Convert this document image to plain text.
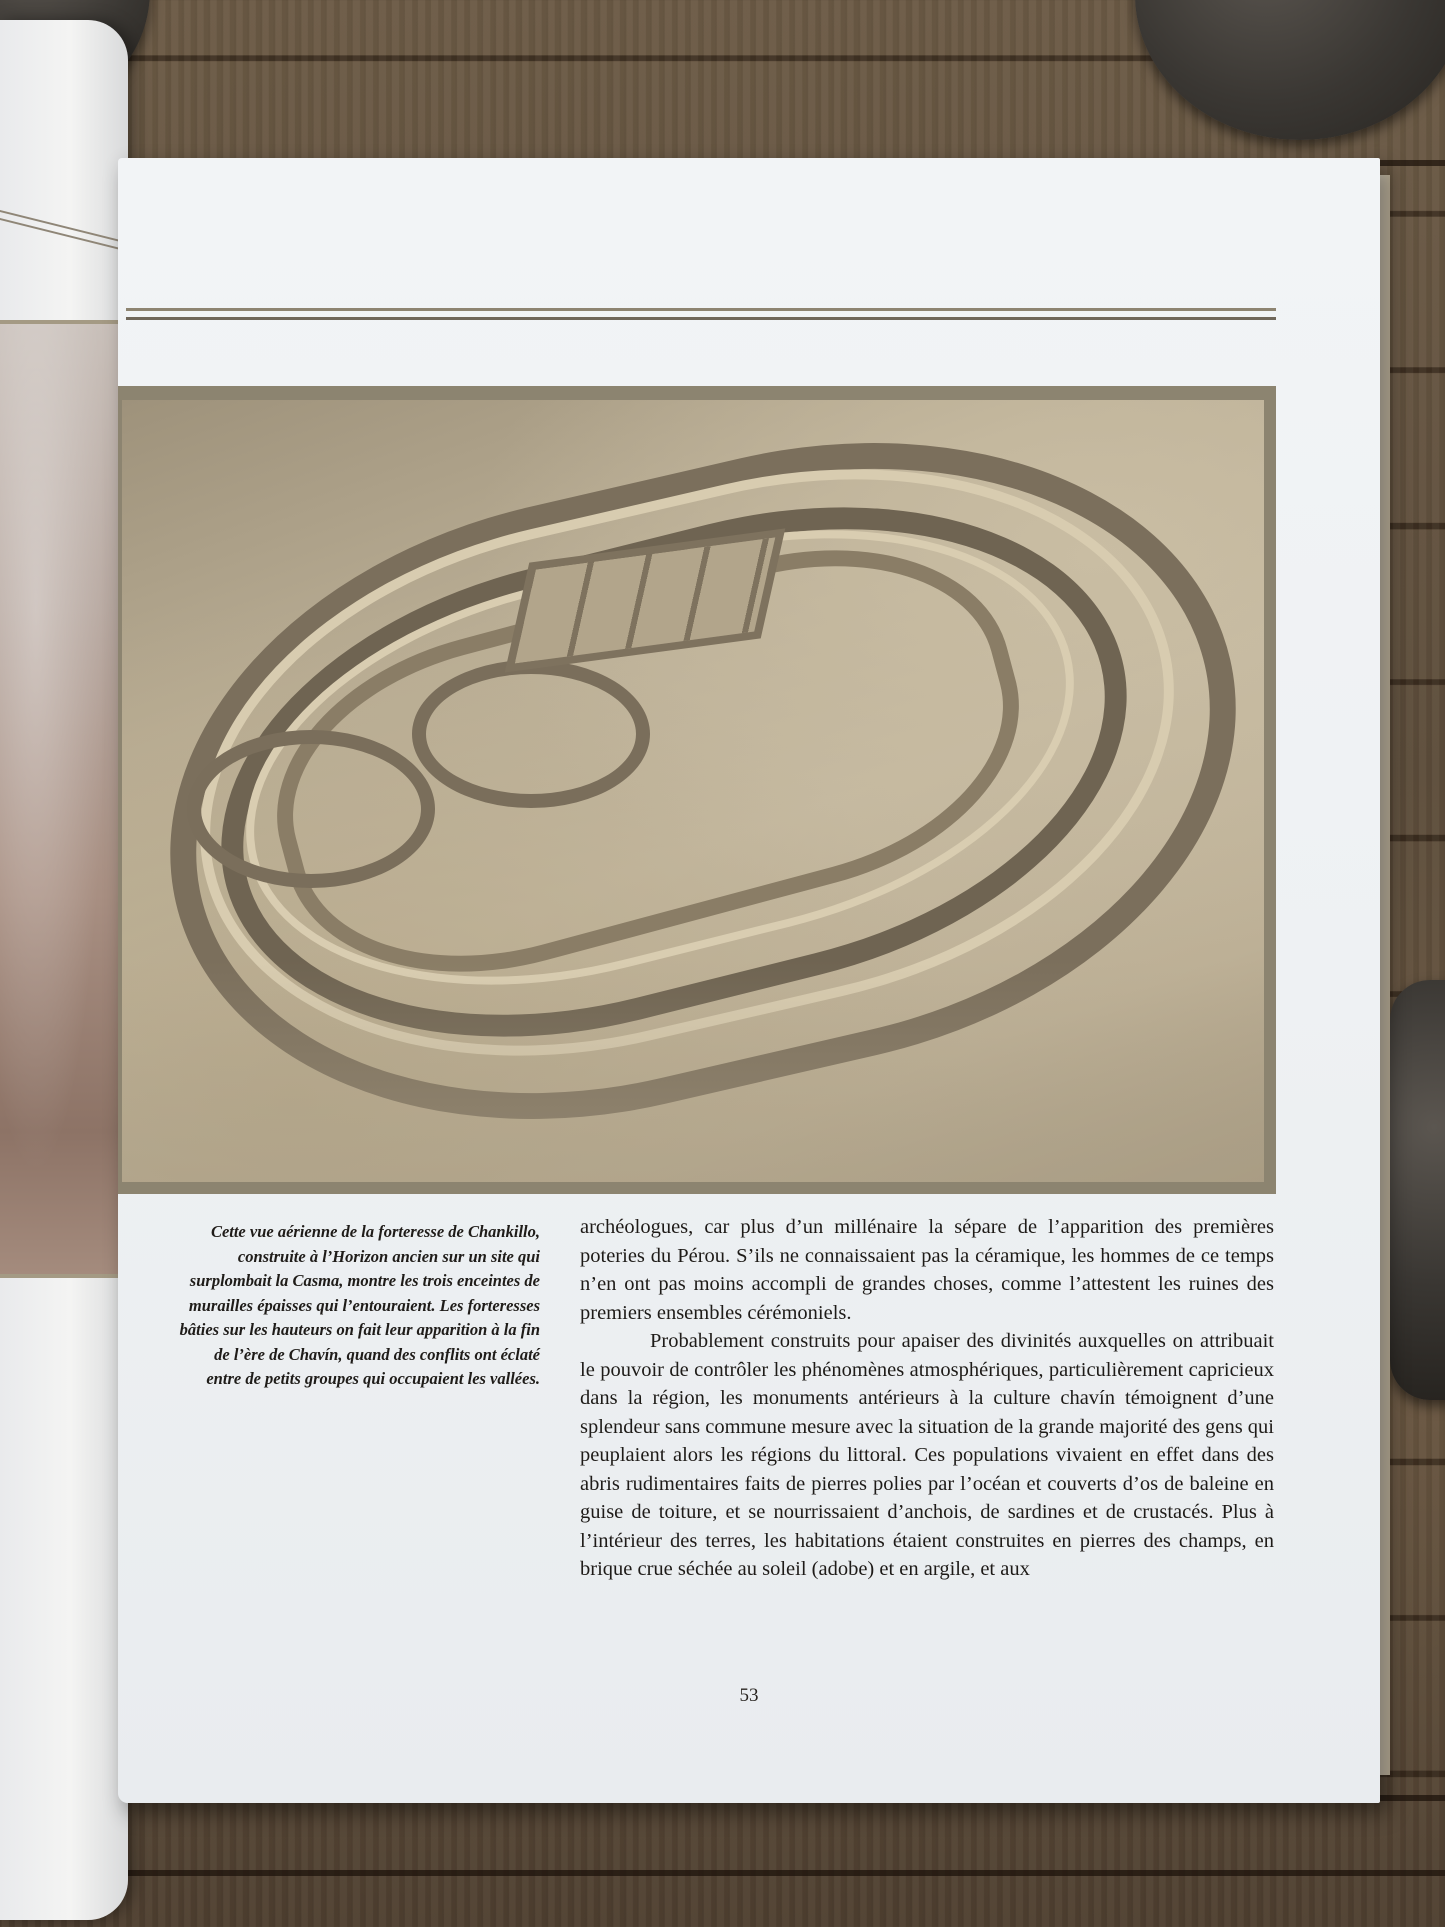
Cette vue aérienne de la forteresse de Chankillo, construite à l’Horizon ancien sur un site qui surplombait la Casma, montre les trois enceintes de murailles épaisses qui l’entouraient. Les forteresses bâties sur les hauteurs on fait leur apparition à la fin de l’ère de Chavín, quand des conflits ont éclaté entre de petits groupes qui occupaient les vallées.

archéologues, car plus d’un millénaire la sépare de l’apparition des premières poteries du Pérou. S’ils ne connaissaient pas la céramique, les hommes de ce temps n’en ont pas moins accompli de grandes choses, comme l’attestent les ruines des premiers ensembles cérémoniels.

Probablement construits pour apaiser des divinités auxquelles on attribuait le pouvoir de contrôler les phénomènes atmosphériques, particulièrement capricieux dans la région, les monuments antérieurs à la culture chavín témoignent d’une splendeur sans commune mesure avec la situation de la grande majorité des gens qui peuplaient alors les régions du littoral. Ces populations vivaient en effet dans des abris rudimentaires faits de pierres polies par l’océan et couverts d’os de baleine en guise de toiture, et se nourrissaient d’anchois, de sardines et de crustacés. Plus à l’intérieur des terres, les habitations étaient construites en pierres des champs, en brique crue séchée au soleil (adobe) et en argile, et aux

53
